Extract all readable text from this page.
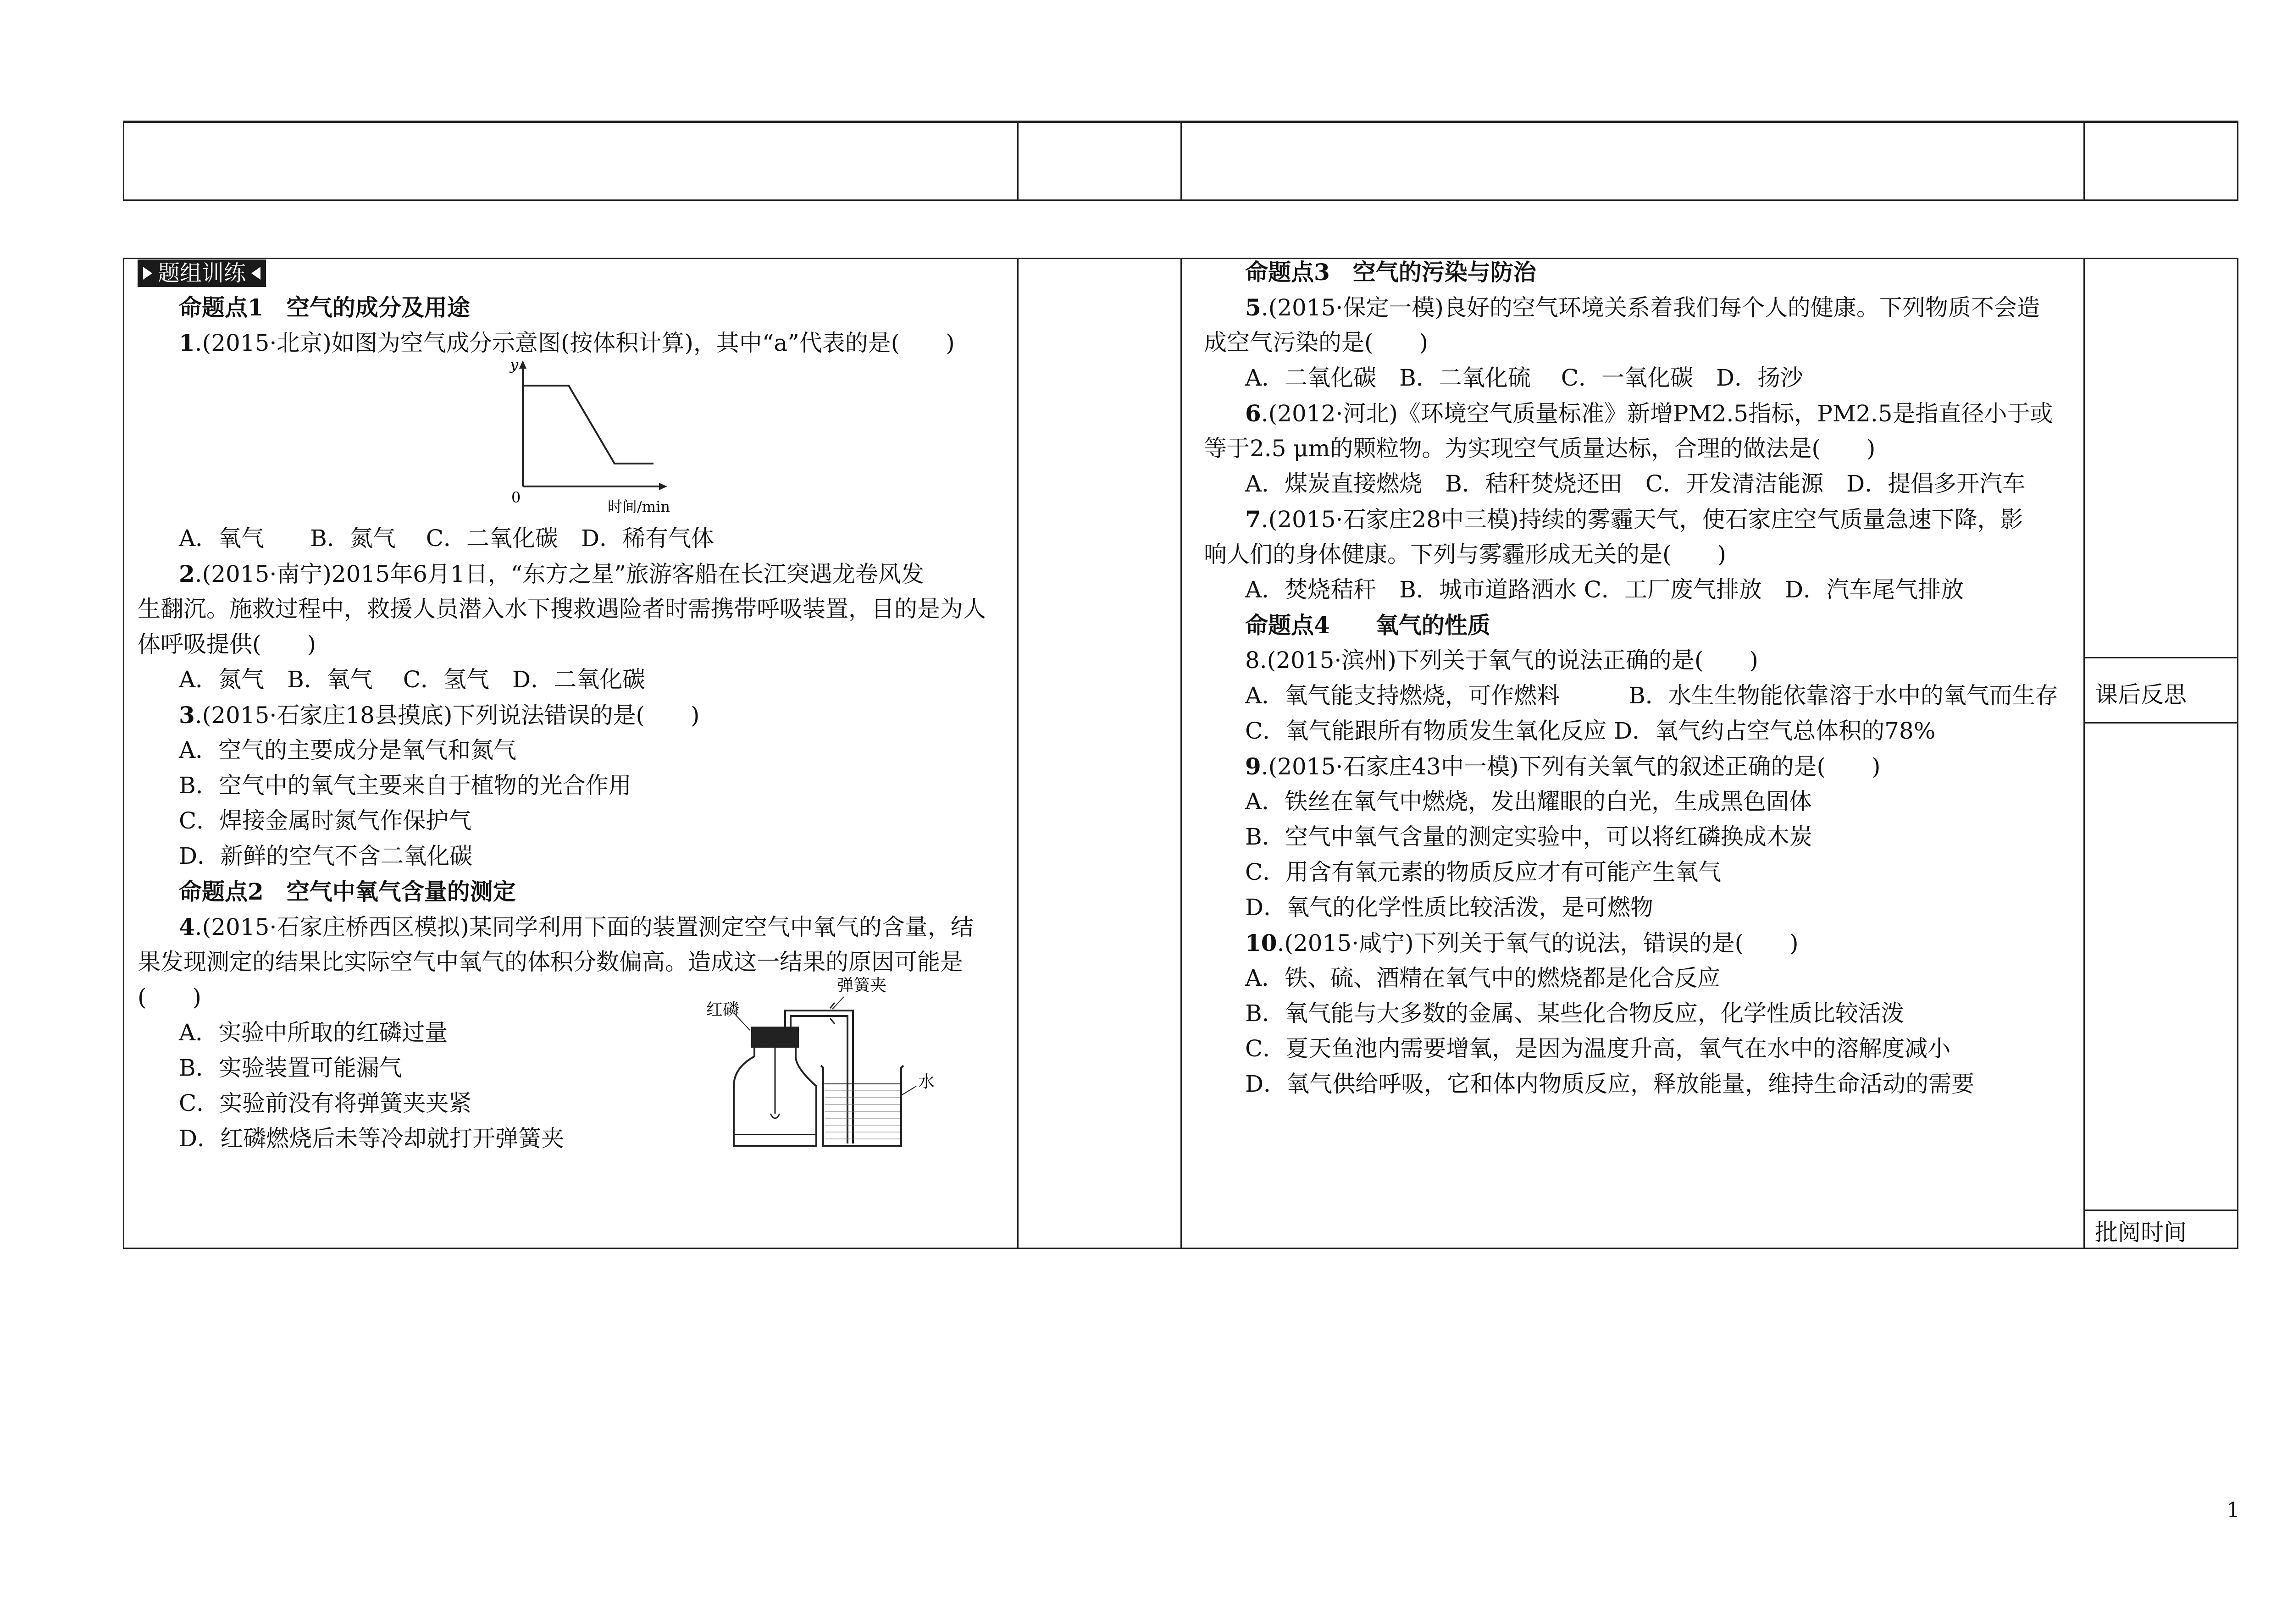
课后反思
批阅时间
题组训练
命题点1　空气的成分及用途
1.(2015·北京)如图为空气成分示意图(按体积计算)，其中“a”代表的是(　　)
y
0
时间/min
A．氧气　　B．氮气　 C．二氧化碳　D．稀有气体
2.(2015·南宁)2015年6月1日，“东方之星”旅游客船在长江突遇龙卷风发
生翻沉。施救过程中，救援人员潜入水下搜救遇险者时需携带呼吸装置，目的是为人
体呼吸提供(　　)
A．氮气　B．氧气　 C．氢气　D．二氧化碳
3.(2015·石家庄18县摸底)下列说法错误的是(　　)
A．空气的主要成分是氧气和氮气
B．空气中的氧气主要来自于植物的光合作用
C．焊接金属时氮气作保护气
D．新鲜的空气不含二氧化碳
命题点2　空气中氧气含量的测定
4.(2015·石家庄桥西区模拟)某同学利用下面的装置测定空气中氧气的含量，结
果发现测定的结果比实际空气中氧气的体积分数偏高。造成这一结果的原因可能是
(　　)
A．实验中所取的红磷过量
B．实验装置可能漏气
C．实验前没有将弹簧夹夹紧
D．红磷燃烧后未等冷却就打开弹簧夹
弹簧夹
红磷
水
命题点3　空气的污染与防治
5.(2015·保定一模)良好的空气环境关系着我们每个人的健康。下列物质不会造
成空气污染的是(　　)
A．二氧化碳　B．二氧化硫　 C．一氧化碳　D．扬沙
6.(2012·河北)《环境空气质量标准》新增PM2.5指标，PM2.5是指直径小于或
等于2.5 μm的颗粒物。为实现空气质量达标，合理的做法是(　　)
A．煤炭直接燃烧　B．秸秆焚烧还田　C．开发清洁能源　D．提倡多开汽车
7.(2015·石家庄28中三模)持续的雾霾天气，使石家庄空气质量急速下降，影
响人们的身体健康。下列与雾霾形成无关的是(　　)
A．焚烧秸秆　B．城市道路洒水 C．工厂废气排放　D．汽车尾气排放
命题点4　　氧气的性质
8.(2015·滨州)下列关于氧气的说法正确的是(　　)
A．氧气能支持燃烧，可作燃料　　　B．水生生物能依靠溶于水中的氧气而生存
C．氧气能跟所有物质发生氧化反应 D．氧气约占空气总体积的78%
9.(2015·石家庄43中一模)下列有关氧气的叙述正确的是(　　)
A．铁丝在氧气中燃烧，发出耀眼的白光，生成黑色固体
B．空气中氧气含量的测定实验中，可以将红磷换成木炭
C．用含有氧元素的物质反应才有可能产生氧气
D．氧气的化学性质比较活泼，是可燃物
10.(2015·咸宁)下列关于氧气的说法，错误的是(　　)
A．铁、硫、酒精在氧气中的燃烧都是化合反应
B．氧气能与大多数的金属、某些化合物反应，化学性质比较活泼
C．夏天鱼池内需要增氧，是因为温度升高，氧气在水中的溶解度减小
D．氧气供给呼吸，它和体内物质反应，释放能量，维持生命活动的需要
1
